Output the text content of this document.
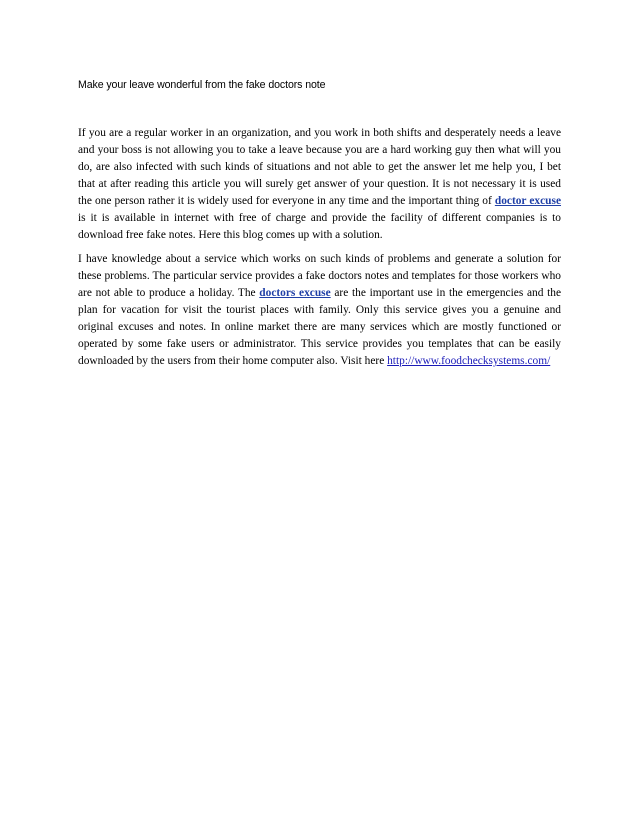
Make your leave wonderful from the fake doctors note

If you are a regular worker in an organization, and you work in both shifts and desperately needs a leave and your boss is not allowing you to take a leave because you are a hard working guy then what will you do, are also infected with such kinds of situations and not able to get the answer let me help you, I bet that at after reading this article you will surely get answer of your question. It is not necessary it is used the one person rather it is widely used for everyone in any time and the important thing of doctor excuse is it is available in internet with free of charge and provide the facility of different companies is to download free fake notes. Here this blog comes up with a solution.

I have knowledge about a service which works on such kinds of problems and generate a solution for these problems. The particular service provides a fake doctors notes and templates for those workers who are not able to produce a holiday. The doctors excuse are the important use in the emergencies and the plan for vacation for visit the tourist places with family. Only this service gives you a genuine and original excuses and notes. In online market there are many services which are mostly functioned or operated by some fake users or administrator. This service provides you templates that can be easily downloaded by the users from their home computer also. Visit here http://www.foodchecksystems.com/
